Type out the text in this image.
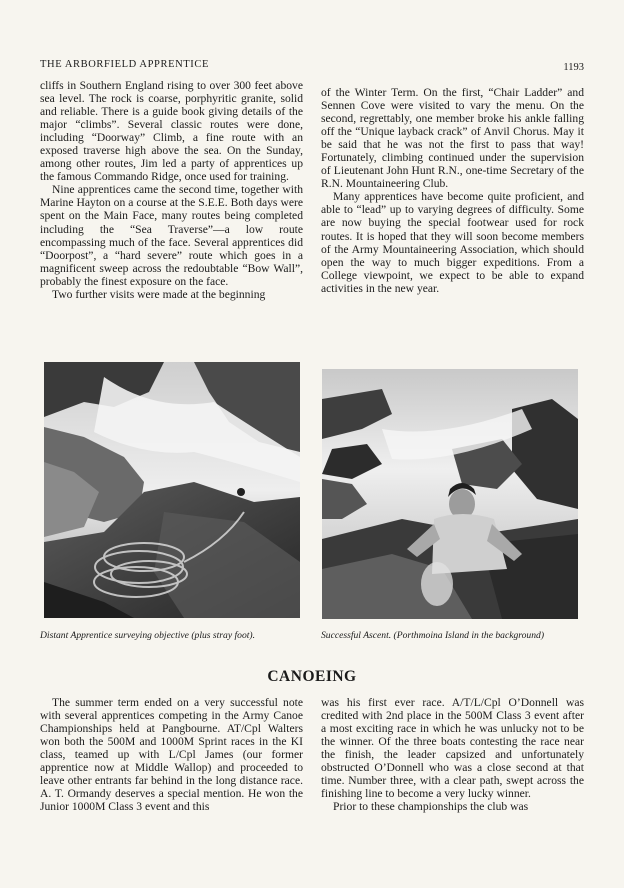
THE ARBORFIELD APPRENTICE	1193

cliffs in Southern England rising to over 300 feet above sea level. The rock is coarse, porphyritic granite, solid and reliable. There is a guide book giving details of the major “climbs”. Several classic routes were done, including “Doorway” Climb, a fine route with an exposed traverse high above the sea. On the Sunday, among other routes, Jim led a party of apprentices up the famous Commando Ridge, once used for training.

Nine apprentices came the second time, together with Marine Hayton on a course at the S.E.E. Both days were spent on the Main Face, many routes being completed including the “Sea Traverse”—a low route encompassing much of the face. Several apprentices did “Doorpost”, a “hard severe” route which goes in a magnificent sweep across the redoubtable “Bow Wall”, probably the finest exposure on the face.

Two further visits were made at the beginning

of the Winter Term. On the first, “Chair Ladder” and Sennen Cove were visited to vary the menu. On the second, regrettably, one member broke his ankle falling off the “Unique layback crack” of Anvil Chorus. May it be said that he was not the first to pass that way! Fortunately, climbing continued under the supervision of Lieutenant John Hunt R.N., one-time Secretary of the R.N. Mountaineering Club.

Many apprentices have become quite proficient, and able to “lead” up to varying degrees of difficulty. Some are now buying the special footwear used for rock routes. It is hoped that they will soon become members of the Army Mountaineering Association, which should open the way to much bigger expeditions. From a College viewpoint, we expect to be able to expand activities in the new year.

Distant Apprentice surveying objective (plus stray foot).	Successful Ascent. (Porthmoina Island in the background)
CANOEING

The summer term ended on a very successful note with several apprentices competing in the Army Canoe Championships held at Pangbourne. AT/Cpl Walters won both the 500M and 1000M Sprint races in the KI class, teamed up with L/Cpl James (our former apprentice now at Middle Wallop) and proceeded to leave other entrants far behind in the long distance race. A. T. Ormandy deserves a special mention. He won the Junior 1000M Class 3 event and this

was his first ever race. A/T/L/Cpl O’Donnell was credited with 2nd place in the 500M Class 3 event after a most exciting race in which he was unlucky not to be the winner. Of the three boats contesting the race near the finish, the leader capsized and unfortunately obstructed O’Donnell who was a close second at that time. Number three, with a clear path, swept across the finishing line to become a very lucky winner.

Prior to these championships the club was
